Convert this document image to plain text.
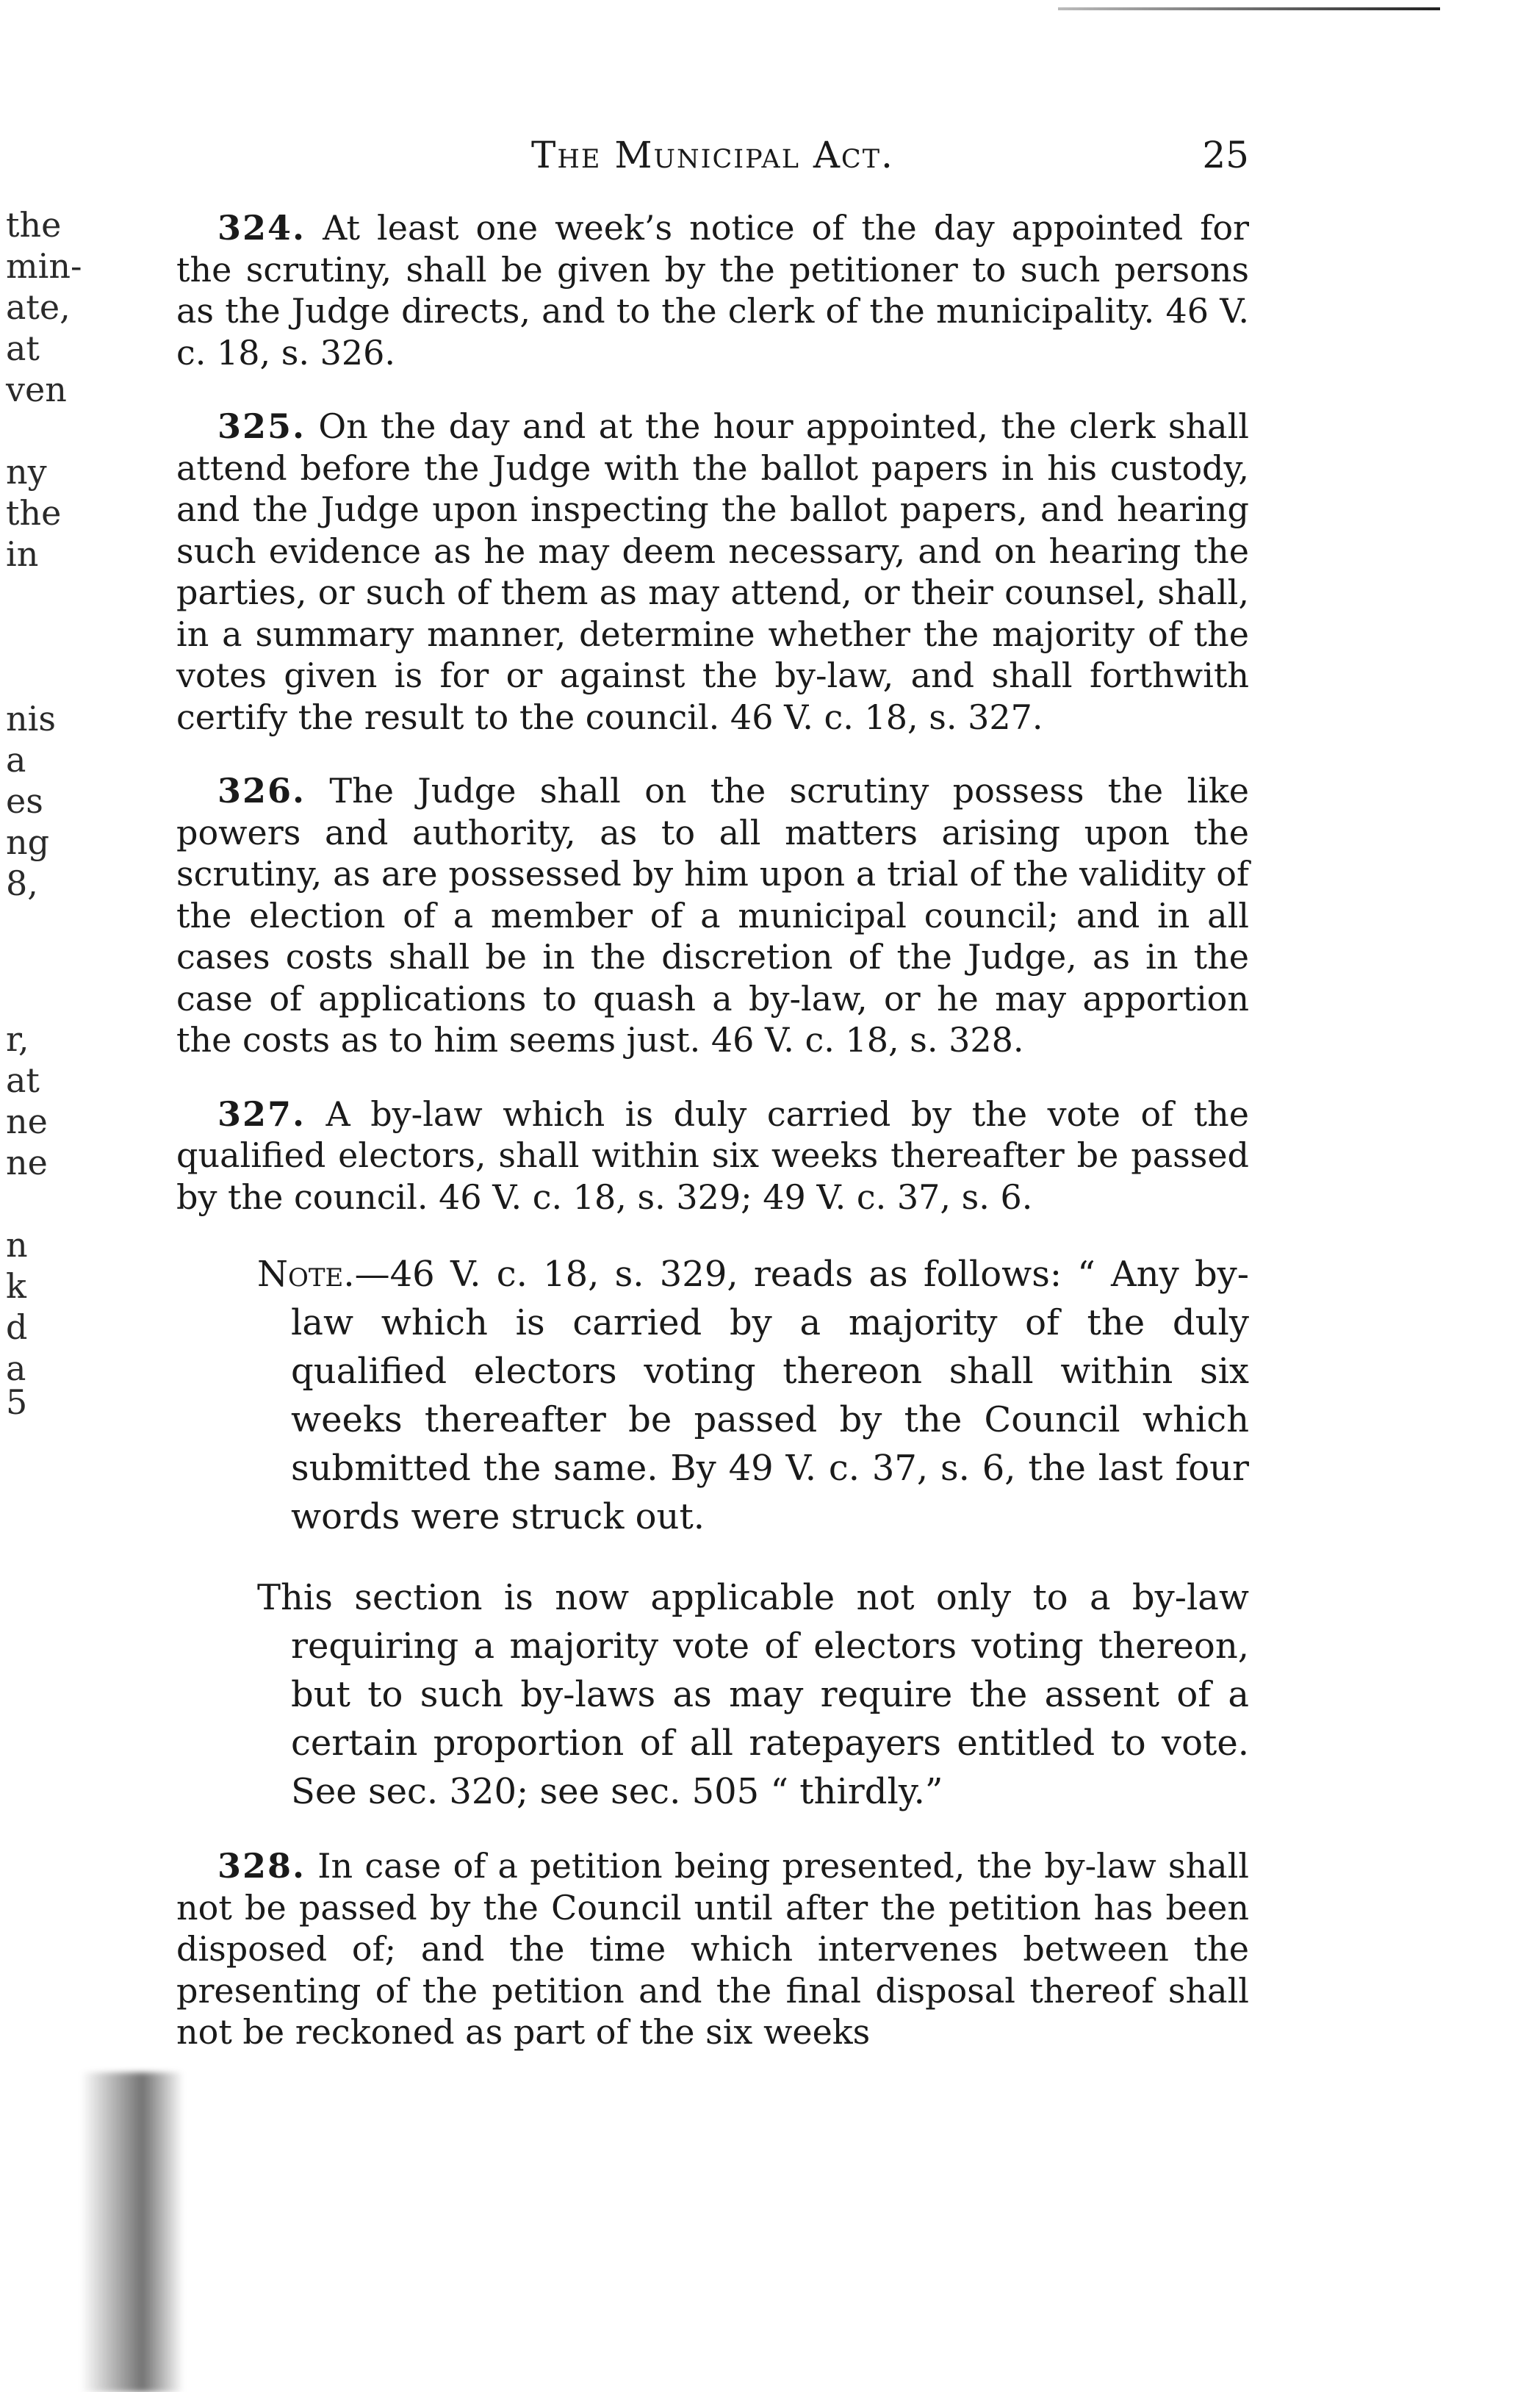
the
min-
ate,
at
ven
ny
the
in
nis
a
es
ng
8,
r,
at
ne
ne
n
k
d
a
5
The Municipal Act.	25

324. At least one week’s notice of the day appointed for the scrutiny, shall be given by the petitioner to such persons as the Judge directs, and to the clerk of the municipality. 46 V. c. 18, s. 326.

325. On the day and at the hour appointed, the clerk shall attend before the Judge with the ballot papers in his custody, and the Judge upon inspecting the ballot papers, and hearing such evidence as he may deem necessary, and on hearing the parties, or such of them as may attend, or their counsel, shall, in a summary manner, determine whether the majority of the votes given is for or against the by-law, and shall forthwith certify the result to the council. 46 V. c. 18, s. 327.

326. The Judge shall on the scrutiny possess the like powers and authority, as to all matters arising upon the scrutiny, as are possessed by him upon a trial of the validity of the election of a member of a municipal council; and in all cases costs shall be in the discretion of the Judge, as in the case of applications to quash a by-law, or he may apportion the costs as to him seems just. 46 V. c. 18, s. 328.

327. A by-law which is duly carried by the vote of the qualified electors, shall within six weeks thereafter be passed by the council. 46 V. c. 18, s. 329; 49 V. c. 37, s. 6.

Note.—46 V. c. 18, s. 329, reads as follows: “ Any by-law which is carried by a majority of the duly qualified electors voting thereon shall within six weeks thereafter be passed by the Council which submitted the same. By 49 V. c. 37, s. 6, the last four words were struck out.

This section is now applicable not only to a by-law requiring a majority vote of electors voting thereon, but to such by-laws as may require the assent of a certain proportion of all ratepayers entitled to vote. See sec. 320; see sec. 505 “ thirdly.”

328. In case of a petition being presented, the by-law shall not be passed by the Council until after the petition has been disposed of; and the time which intervenes between the presenting of the petition and the final disposal thereof shall not be reckoned as part of the six weeks
